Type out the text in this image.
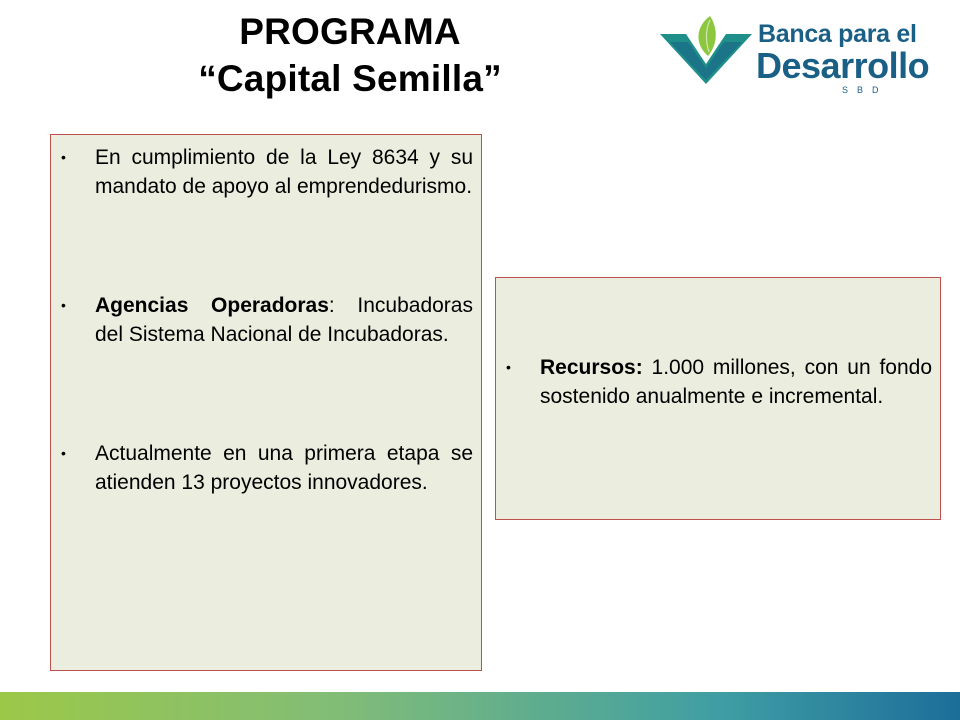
PROGRAMA
“Capital Semilla”
Banca para el
Desarrollo
SBD
• En cumplimiento de la Ley 8634 y su mandato de apoyo al emprendedurismo.
• Agencias Operadoras: Incubadoras del Sistema Nacional de Incubadoras.
• Actualmente en una primera etapa se atienden 13 proyectos innovadores.
• Recursos: 1.000 millones, con un fondo sostenido anualmente e incremental.
